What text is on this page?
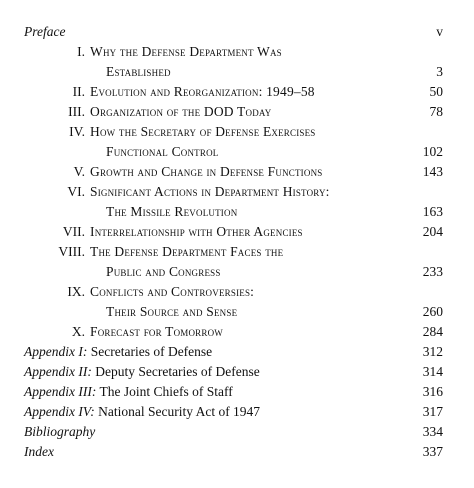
Preface	v
I. Why the Defense Department Was
Established	3
II. Evolution and Reorganization: 1949–58	50
III. Organization of the DOD Today	78
IV. How the Secretary of Defense Exercises
Functional Control	102
V. Growth and Change in Defense Functions	143
VI. Significant Actions in Department History:
The Missile Revolution	163
VII. Interrelationship with Other Agencies	204
VIII. The Defense Department Faces the
Public and Congress	233
IX. Conflicts and Controversies:
Their Source and Sense	260
X. Forecast for Tomorrow	284
Appendix I: Secretaries of Defense	312
Appendix II: Deputy Secretaries of Defense	314
Appendix III: The Joint Chiefs of Staff	316
Appendix IV: National Security Act of 1947	317
Bibliography	334
Index	337
